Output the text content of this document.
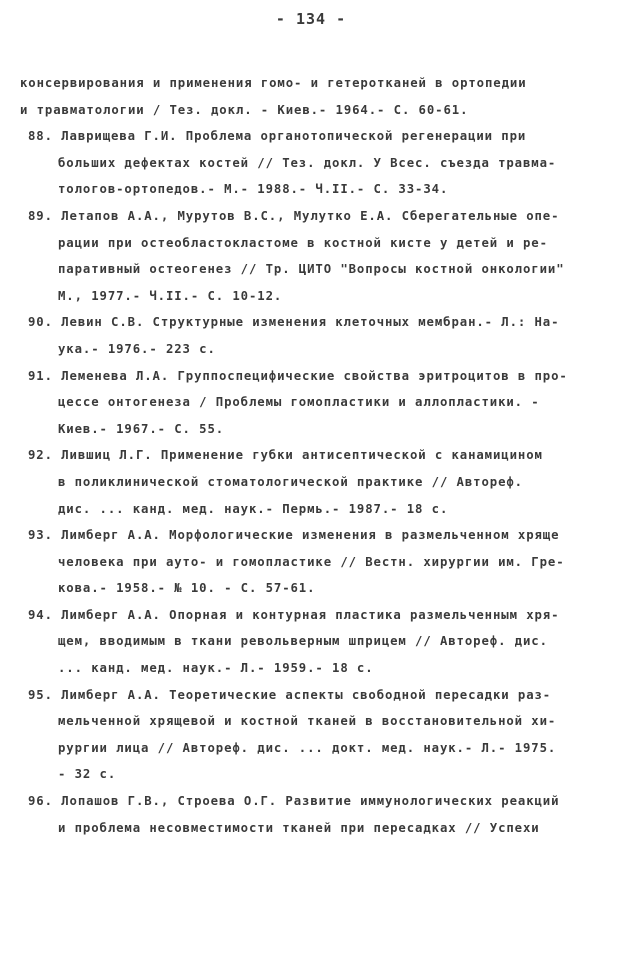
- 134 -
консервирования и применения гомо- и гетеротканей в ортопедии
и травматологии / Тез. докл. - Киев.- 1964.- С. 60-61.
88. Лаврищева Г.И. Проблема органотопической регенерации при
больших дефектах костей // Тез. докл. У Всес. съезда травма-
тологов-ортопедов.- М.- 1988.- Ч.II.- С. 33-34.
89. Летапов А.А., Мурутов В.С., Мулутко Е.А. Сберегательные опе-
рации при остеобластокластоме в костной кисте у детей и ре-
паративный остеогенез // Тр. ЦИТО "Вопросы костной онкологии"
М., 1977.- Ч.II.- С. 10-12.
90. Левин С.В. Структурные изменения клеточных мембран.- Л.: На-
ука.- 1976.- 223 с.
91. Леменева Л.А. Группоспецифические свойства эритроцитов в про-
цессе онтогенеза / Проблемы гомопластики и аллопластики. -
Киев.- 1967.- С. 55.
92. Лившиц Л.Г. Применение губки антисептической с канамицином
в поликлинической стоматологической практике // Автореф.
дис. ... канд. мед. наук.- Пермь.- 1987.- 18 с.
93. Лимберг А.А. Морфологические изменения в размельченном хряще
человека при ауто- и гомопластике // Вестн. хирургии им. Гре-
кова.- 1958.- № 10. - С. 57-61.
94. Лимберг А.А. Опорная и контурная пластика размельченным хря-
щем, вводимым в ткани револьверным шприцем // Автореф. дис.
... канд. мед. наук.- Л.- 1959.- 18 с.
95. Лимберг А.А. Теоретические аспекты свободной пересадки раз-
мельченной хрящевой и костной тканей в восстановительной хи-
рургии лица // Автореф. дис. ... докт. мед. наук.- Л.- 1975.
- 32 с.
96. Лопашов Г.В., Строева О.Г. Развитие иммунологических реакций
и проблема несовместимости тканей при пересадках // Успехи
